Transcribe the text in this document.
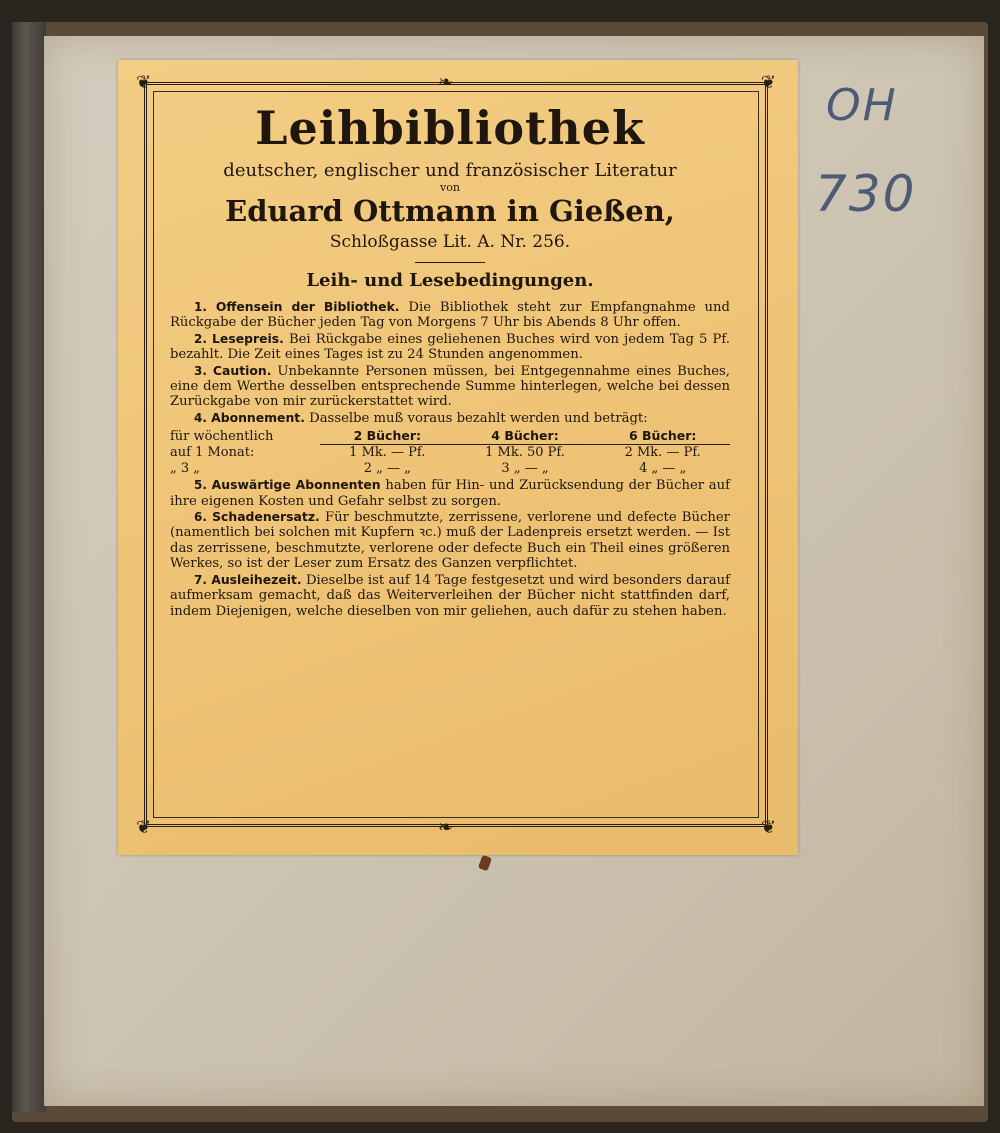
OH
730
❦	❦
❦	❦
❧
❧
Leihbibliothek
deutscher, englischer und französischer Literatur
von
Eduard Ottmann in Gießen,
Schloßgasse Lit. A. Nr. 256.
Leih- und Lesebedingungen.

1. Offensein der Bibliothek. Die Bibliothek steht zur Empfangnahme und Rückgabe der Bücher jeden Tag von Morgens 7 Uhr bis Abends 8 Uhr offen.

2. Lesepreis. Bei Rückgabe eines geliehenen Buches wird von jedem Tag 5 Pf. bezahlt. Die Zeit eines Tages ist zu 24 Stunden angenommen.

3. Caution. Unbekannte Personen müssen, bei Entgegennahme eines Buches, eine dem Werthe desselben entsprechende Summe hinterlegen, welche bei dessen Zurückgabe von mir zurückerstattet wird.

4. Abonnement. Dasselbe muß voraus bezahlt werden und beträgt:

für wöchentlich	2 Bücher:	4 Bücher:	6 Bücher:
auf 1 Monat:	1 Mk. — Pf.	1 Mk. 50 Pf.	2 Mk. — Pf.
„ 3 „	2 „ — „	3 „ — „	4 „ — „

5. Auswärtige Abonnenten haben für Hin- und Zurücksendung der Bücher auf ihre eigenen Kosten und Gefahr selbst zu sorgen.

6. Schadenersatz. Für beschmutzte, zerrissene, verlorene und defecte Bücher (namentlich bei solchen mit Kupfern ꝛc.) muß der Ladenpreis ersetzt werden. — Ist das zerrissene, beschmutzte, verlorene oder defecte Buch ein Theil eines größeren Werkes, so ist der Leser zum Ersatz des Ganzen verpflichtet.

7. Ausleihezeit. Dieselbe ist auf 14 Tage festgesetzt und wird besonders darauf aufmerksam gemacht, daß das Weiterverleihen der Bücher nicht stattfinden darf, indem Diejenigen, welche dieselben von mir geliehen, auch dafür zu stehen haben.
